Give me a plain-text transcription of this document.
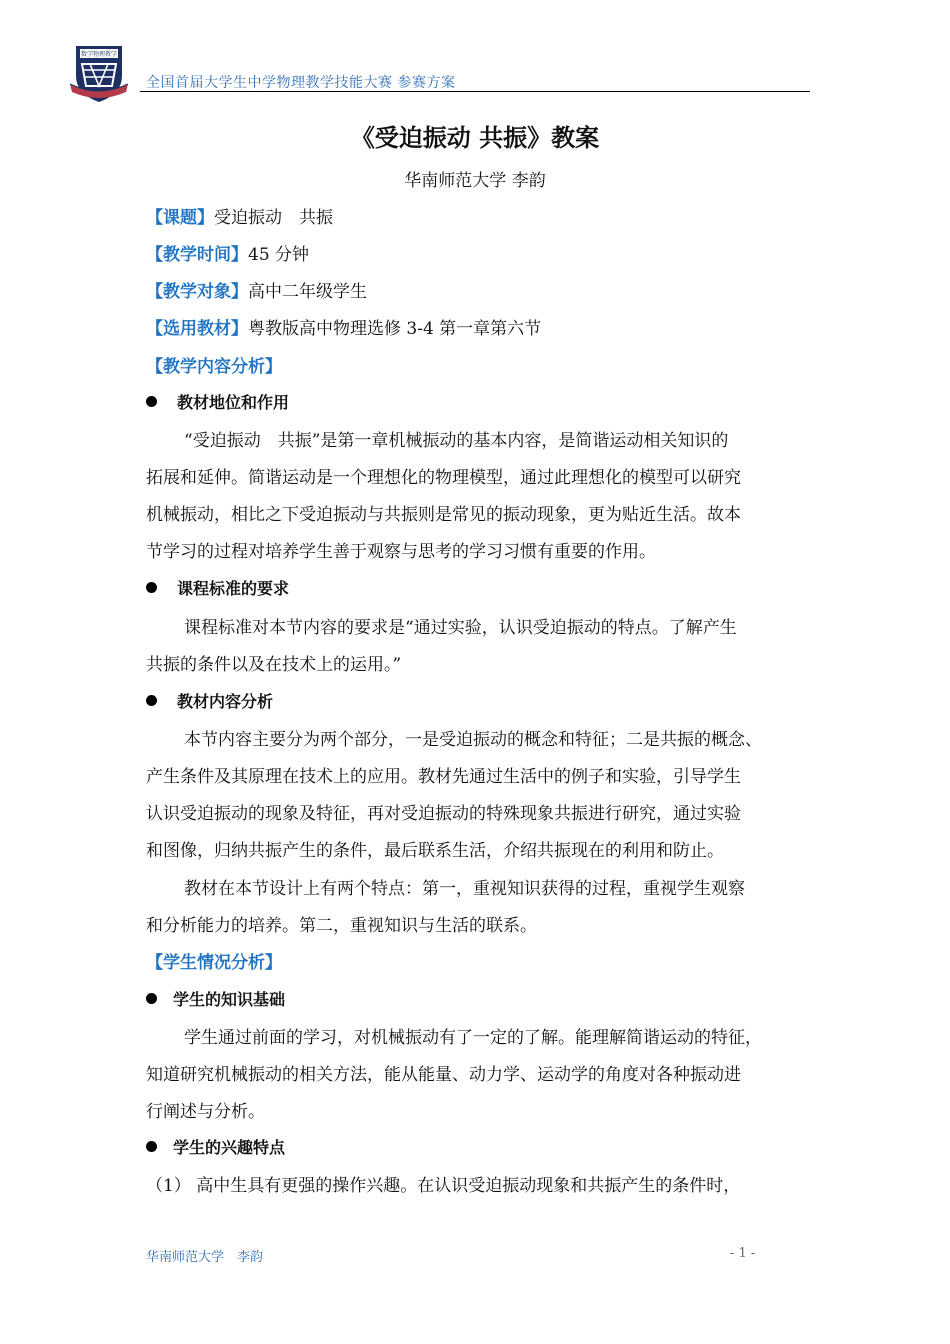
数学物理教学
全国首届大学生中学物理教学技能大赛 参赛方案
《受迫振动 共振》教案
华南师范大学 李韵
【课题】受迫振动　共振
【教学时间】45 分钟
【教学对象】高中二年级学生
【选用教材】粤教版高中物理选修 3-4 第一章第六节
【教学内容分析】
教材地位和作用
“受迫振动　共振”是第一章机械振动的基本内容，是简谐运动相关知识的
拓展和延伸。简谐运动是一个理想化的物理模型，通过此理想化的模型可以研究
机械振动，相比之下受迫振动与共振则是常见的振动现象，更为贴近生活。故本
节学习的过程对培养学生善于观察与思考的学习习惯有重要的作用。
课程标准的要求
课程标准对本节内容的要求是“通过实验，认识受迫振动的特点。了解产生
共振的条件以及在技术上的运用。”
教材内容分析
本节内容主要分为两个部分，一是受迫振动的概念和特征；二是共振的概念、
产生条件及其原理在技术上的应用。教材先通过生活中的例子和实验，引导学生
认识受迫振动的现象及特征，再对受迫振动的特殊现象共振进行研究，通过实验
和图像，归纳共振产生的条件，最后联系生活，介绍共振现在的利用和防止。
教材在本节设计上有两个特点：第一，重视知识获得的过程，重视学生观察
和分析能力的培养。第二，重视知识与生活的联系。
【学生情况分析】
学生的知识基础
学生通过前面的学习，对机械振动有了一定的了解。能理解简谐运动的特征，
知道研究机械振动的相关方法，能从能量、动力学、运动学的角度对各种振动进
行阐述与分析。
学生的兴趣特点
（1） 高中生具有更强的操作兴趣。在认识受迫振动现象和共振产生的条件时，
华南师范大学　李韵	- 1 -
